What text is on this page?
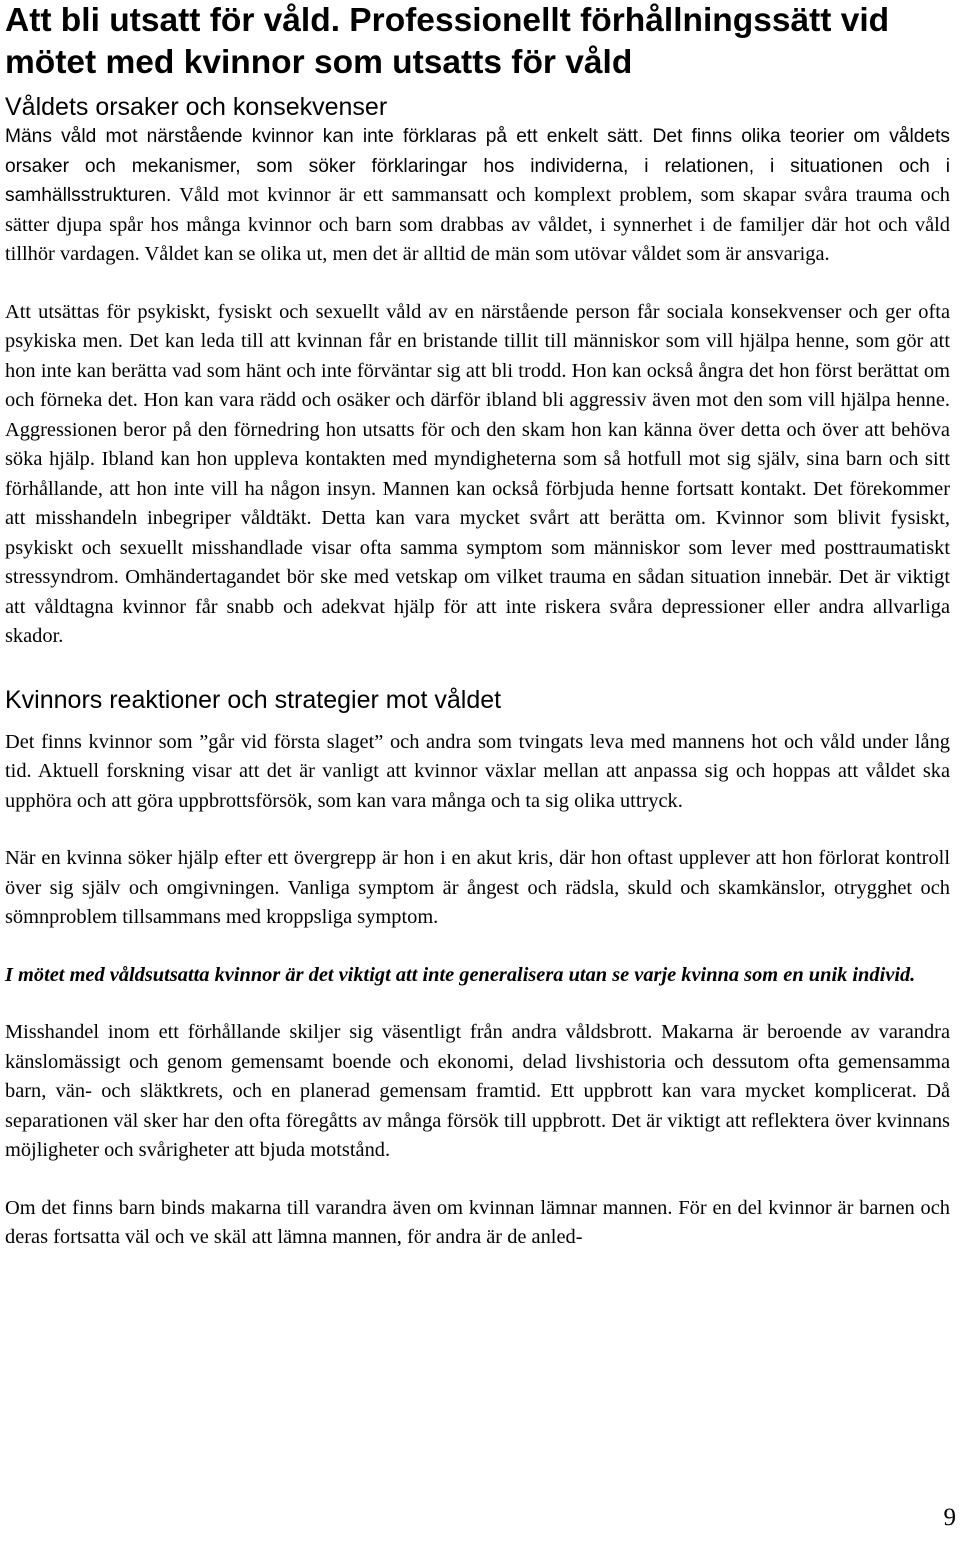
Att bli utsatt för våld. Professionellt förhållningssätt vid mötet med kvinnor som utsatts för våld
Våldets orsaker och konsekvenser

Mäns våld mot närstående kvinnor kan inte förklaras på ett enkelt sätt. Det finns olika teorier om våldets orsaker och mekanismer, som söker förklaringar hos individerna, i relationen, i situationen och i samhällsstrukturen. Våld mot kvinnor är ett sammansatt och komplext problem, som skapar svåra trauma och sätter djupa spår hos många kvinnor och barn som drabbas av våldet, i synnerhet i de familjer där hot och våld tillhör vardagen. Våldet kan se olika ut, men det är alltid de män som utövar våldet som är ansvariga.

Att utsättas för psykiskt, fysiskt och sexuellt våld av en närstående person får sociala konsekvenser och ger ofta psykiska men. Det kan leda till att kvinnan får en bristande tillit till människor som vill hjälpa henne, som gör att hon inte kan berätta vad som hänt och inte förväntar sig att bli trodd. Hon kan också ångra det hon först berättat om och förneka det. Hon kan vara rädd och osäker och därför ibland bli aggressiv även mot den som vill hjälpa henne. Aggressionen beror på den förnedring hon utsatts för och den skam hon kan känna över detta och över att behöva söka hjälp. Ibland kan hon uppleva kontakten med myndigheterna som så hotfull mot sig själv, sina barn och sitt förhållande, att hon inte vill ha någon insyn. Mannen kan också förbjuda henne fortsatt kontakt. Det förekommer att misshandeln inbegriper våldtäkt. Detta kan vara mycket svårt att berätta om. Kvinnor som blivit fysiskt, psykiskt och sexuellt misshandlade visar ofta samma symptom som människor som lever med posttraumatiskt stressyndrom. Omhändertagandet bör ske med vetskap om vilket trauma en sådan situation innebär. Det är viktigt att våldtagna kvinnor får snabb och adekvat hjälp för att inte riskera svåra depressioner eller andra allvarliga skador.

Kvinnors reaktioner och strategier mot våldet

Det finns kvinnor som ”går vid första slaget” och andra som tvingats leva med mannens hot och våld under lång tid. Aktuell forskning visar att det är vanligt att kvinnor växlar mellan att anpassa sig och hoppas att våldet ska upphöra och att göra uppbrottsförsök, som kan vara många och ta sig olika uttryck.

När en kvinna söker hjälp efter ett övergrepp är hon i en akut kris, där hon oftast upplever att hon förlorat kontroll över sig själv och omgivningen. Vanliga symptom är ångest och rädsla, skuld och skamkänslor, otrygghet och sömnproblem tillsammans med kroppsliga symptom.

I mötet med våldsutsatta kvinnor är det viktigt att inte generalisera utan se varje kvinna som en unik individ.

Misshandel inom ett förhållande skiljer sig väsentligt från andra våldsbrott. Makarna är beroende av varandra känslomässigt och genom gemensamt boende och ekonomi, delad livshistoria och dessutom ofta gemensamma barn, vän- och släktkrets, och en planerad gemensam framtid. Ett uppbrott kan vara mycket komplicerat. Då separationen väl sker har den ofta föregåtts av många försök till uppbrott. Det är viktigt att reflektera över kvinnans möjligheter och svårigheter att bjuda motstånd.

Om det finns barn binds makarna till varandra även om kvinnan lämnar mannen. För en del kvinnor är barnen och deras fortsatta väl och ve skäl att lämna mannen, för andra är de anled-

9
